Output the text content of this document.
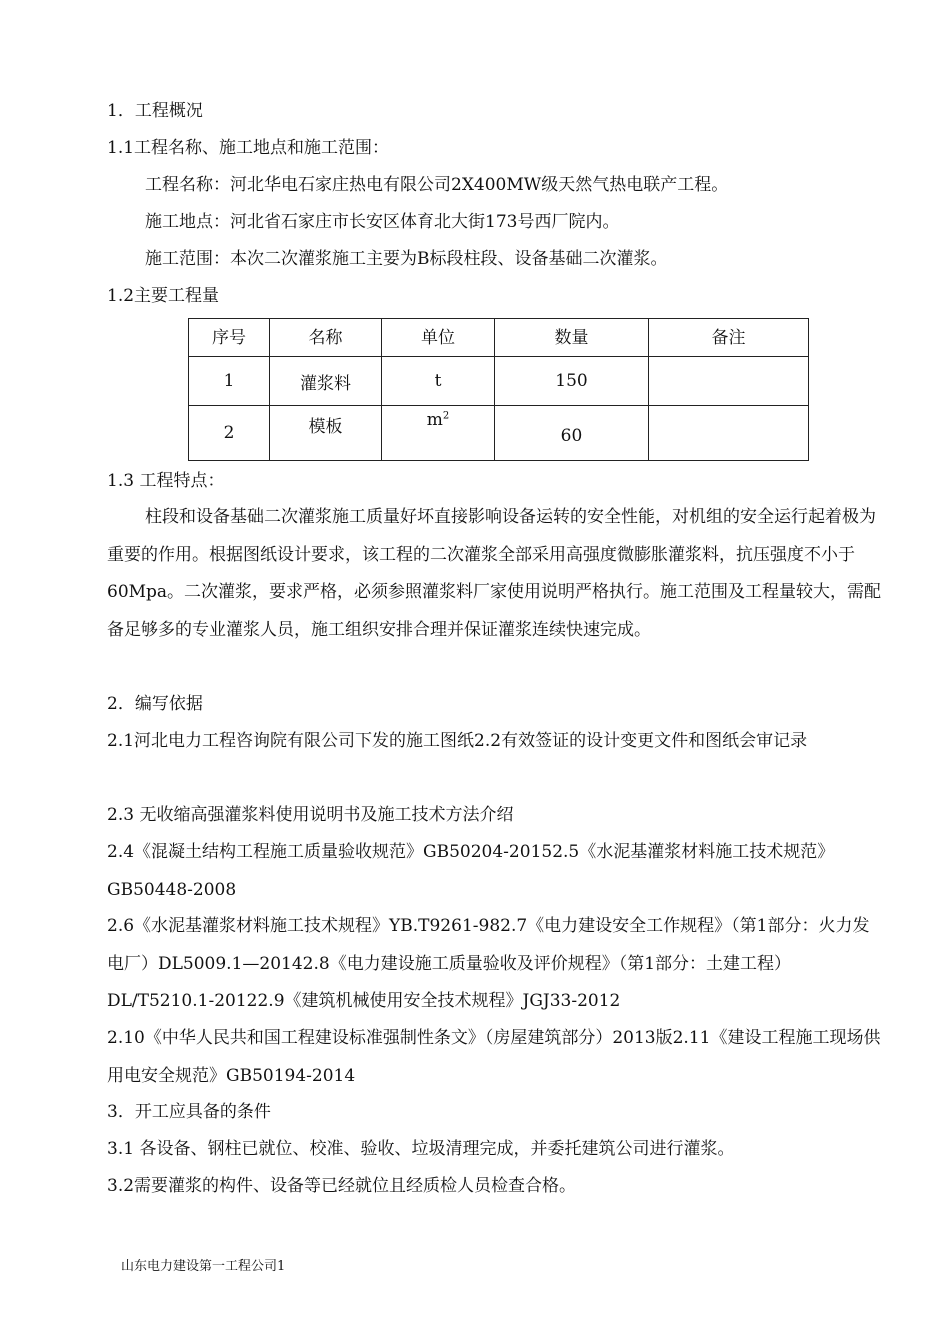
1．工程概况
1.1工程名称、施工地点和施工范围：
工程名称：河北华电石家庄热电有限公司2X400MW级天然气热电联产工程。
施工地点：河北省石家庄市长安区体育北大街173号西厂院内。
施工范围：本次二次灌浆施工主要为B标段柱段、设备基础二次灌浆。
1.2主要工程量
序号	名称	单位	数量	备注
1	灌浆料	t	150	
2	模板	$m^2$	60	
1.3 工程特点：
柱段和设备基础二次灌浆施工质量好坏直接影响设备运转的安全性能，对机组的安全运行起着极为重要的作用。根据图纸设计要求，该工程的二次灌浆全部采用高强度微膨胀灌浆料，抗压强度不小于60Mpa。二次灌浆，要求严格，必须参照灌浆料厂家使用说明严格执行。施工范围及工程量较大，需配备足够多的专业灌浆人员，施工组织安排合理并保证灌浆连续快速完成。
2．编写依据
2.1河北电力工程咨询院有限公司下发的施工图纸2.2有效签证的设计变更文件和图纸会审记录
2.3 无收缩高强灌浆料使用说明书及施工技术方法介绍
2.4《混凝土结构工程施工质量验收规范》GB50204-20152.5《水泥基灌浆材料施工技术规范》GB50448-2008
2.6《水泥基灌浆材料施工技术规程》YB.T9261-982.7《电力建设安全工作规程》（第1部分：火力发电厂）DL5009.1—20142.8《电力建设施工质量验收及评价规程》（第1部分：土建工程）DL/T5210.1-20122.9《建筑机械使用安全技术规程》JGJ33-2012
2.10《中华人民共和国工程建设标准强制性条文》（房屋建筑部分）2013版2.11《建设工程施工现场供用电安全规范》GB50194-2014
3．开工应具备的条件
3.1 各设备、钢柱已就位、校准、验收、垃圾清理完成，并委托建筑公司进行灌浆。
3.2需要灌浆的构件、设备等已经就位且经质检人员检查合格。
山东电力建设第一工程公司1
